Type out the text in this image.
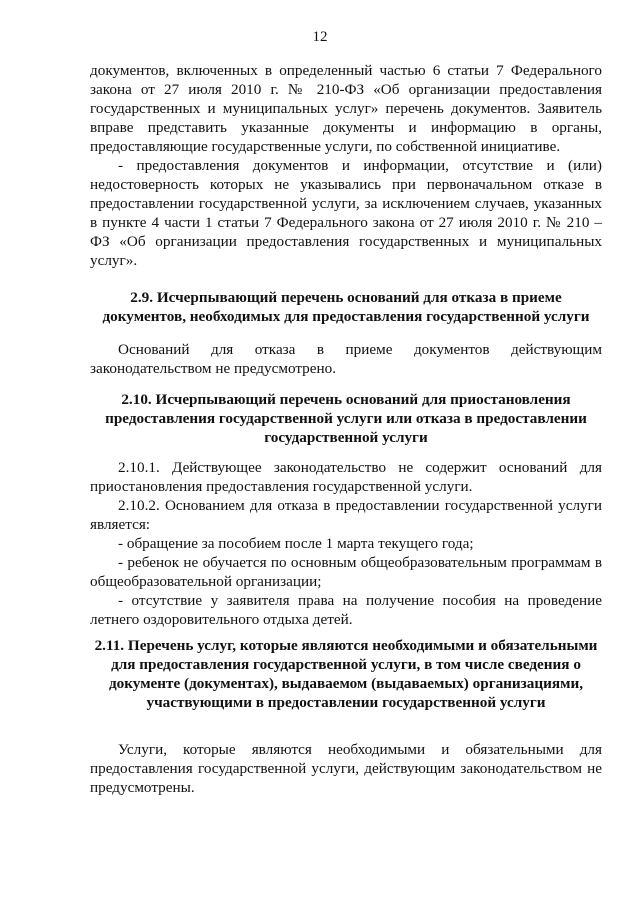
12

документов, включенных в определенный частью 6 статьи 7 Федерального закона от 27 июля 2010 г. № 210-ФЗ «Об организации предоставления государственных и муниципальных услуг» перечень документов. Заявитель вправе представить указанные документы и информацию в органы, предоставляющие государственные услуги, по собственной инициативе.

- предоставления документов и информации, отсутствие и (или) недостоверность которых не указывались при первоначальном отказе в предоставлении государственной услуги, за исключением случаев, указанных в пункте 4 части 1 статьи 7 Федерального закона от 27 июля 2010 г. № 210 – ФЗ «Об организации предоставления государственных и муниципальных услуг».

2.9. Исчерпывающий перечень оснований для отказа в приеме документов, необходимых для предоставления государственной услуги

Оснований для отказа в приеме документов действующим законодательством не предусмотрено.

2.10. Исчерпывающий перечень оснований для приостановления предоставления государственной услуги или отказа в предоставлении государственной услуги

2.10.1. Действующее законодательство не содержит оснований для приостановления предоставления государственной услуги.

2.10.2. Основанием для отказа в предоставлении государственной услуги является:

- обращение за пособием после 1 марта текущего года;

- ребенок не обучается по основным общеобразовательным программам в общеобразовательной организации;

- отсутствие у заявителя права на получение пособия на проведение летнего оздоровительного отдыха детей.

2.11. Перечень услуг, которые являются необходимыми и обязательными для предоставления государственной услуги, в том числе сведения о документе (документах), выдаваемом (выдаваемых) организациями, участвующими в предоставлении государственной услуги

Услуги, которые являются необходимыми и обязательными для предоставления государственной услуги, действующим законодательством не предусмотрены.
